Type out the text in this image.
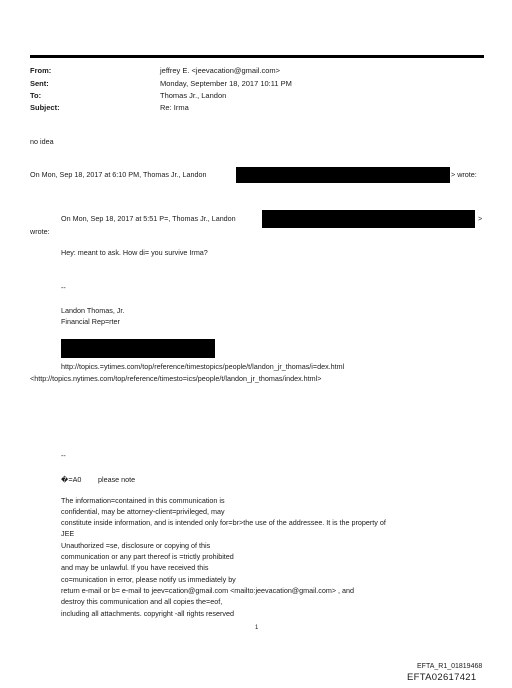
From:
Sent:
To:
Subject:
jeffrey E. <jeevacation@gmail.com>
Monday, September 18, 2017 10:11 PM
Thomas Jr., Landon
Re: Irma
no idea
On Mon, Sep 18, 2017 at 6:10 PM, Thomas Jr., Landon	> wrote:
On Mon, Sep 18, 2017 at 5:51 P=, Thomas Jr., Landon	>
wrote:
Hey: meant to ask. How di= you survive Irma?
--
Landon Thomas, Jr.
Financial Rep=rter
http://topics.=ytimes.com/top/reference/timestopics/people/t/landon_jr_thomas/i=dex.html
<http://topics.nytimes.com/top/reference/timesto=ics/people/t/landon_jr_thomas/index.html>
--
�=A0 please note
The information=contained in this communication is
confidential, may be attorney-client=privileged, may
constitute inside information, and is intended only for=br>the use of the addressee. It is the property of
JEE
Unauthorized =se, disclosure or copying of this
communication or any part thereof is =trictly prohibited
and may be unlawful. If you have received this
co=munication in error, please notify us immediately by
return e-mail or b= e-mail to jeev=cation@gmail.com <mailto:jeevacation@gmail.com> , and
destroy this communication and all copies the=eof,
including all attachments. copyright -all rights reserved
1
EFTA_R1_01819468
EFTA02617421
